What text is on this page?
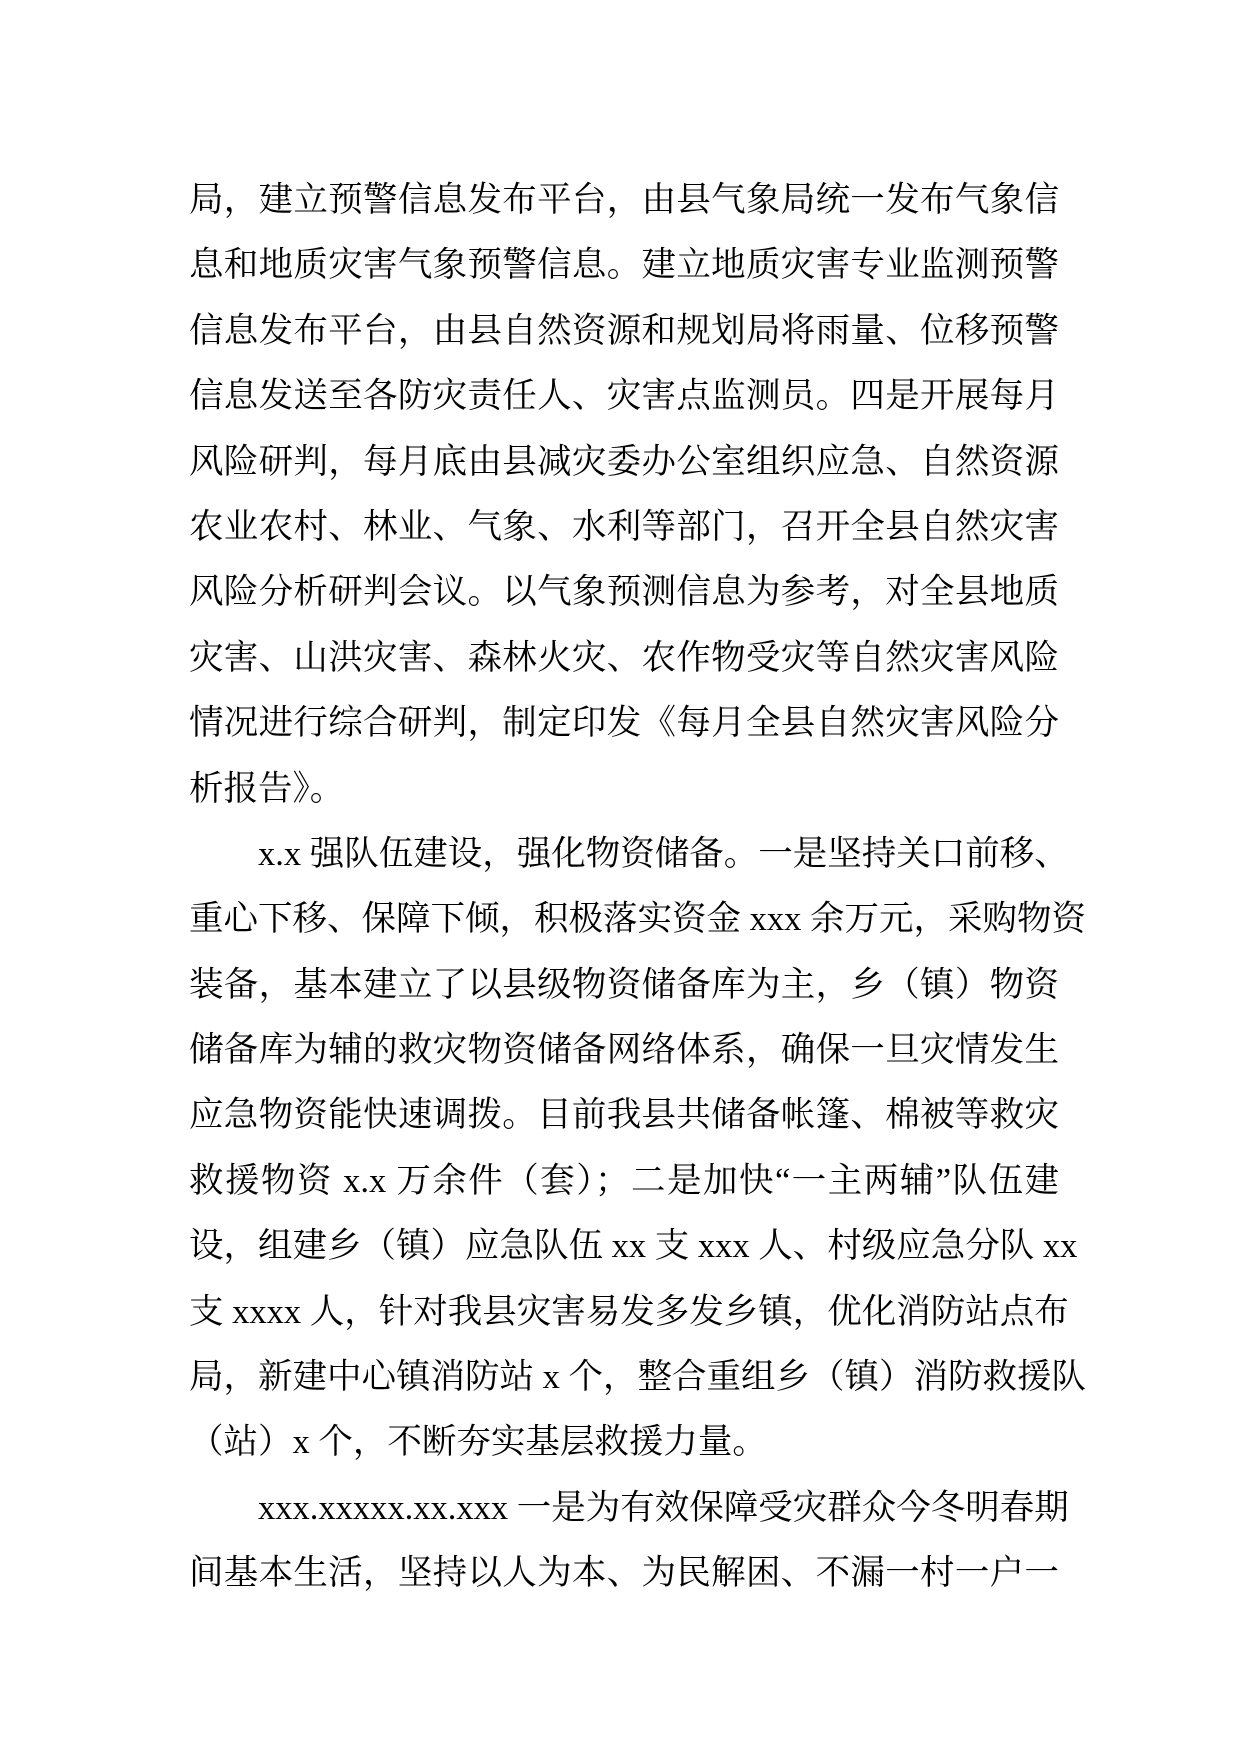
局，建立预警信息发布平台，由县气象局统一发布气象信
息和地质灾害气象预警信息。建立地质灾害专业监测预警
信息发布平台，由县自然资源和规划局将雨量、位移预警
信息发送至各防灾责任人、灾害点监测员。四是开展每月
风险研判，每月底由县减灾委办公室组织应急、自然资源
农业农村、林业、气象、水利等部门，召开全县自然灾害
风险分析研判会议。以气象预测信息为参考，对全县地质
灾害、山洪灾害、森林火灾、农作物受灾等自然灾害风险
情况进行综合研判，制定印发《每月全县自然灾害风险分
析报告》。
x.x 强队伍建设，强化物资储备。一是坚持关口前移、
重心下移、保障下倾，积极落实资金 xxx 余万元，采购物资
装备，基本建立了以县级物资储备库为主，乡（镇）物资
储备库为辅的救灾物资储备网络体系，确保一旦灾情发生
应急物资能快速调拨。目前我县共储备帐篷、棉被等救灾
救援物资 x.x 万余件（套）；二是加快“一主两辅”队伍建
设，组建乡（镇）应急队伍 xx 支 xxx 人、村级应急分队 xx
支 xxxx 人，针对我县灾害易发多发乡镇，优化消防站点布
局，新建中心镇消防站 x 个，整合重组乡（镇）消防救援队
（站）x 个，不断夯实基层救援力量。
xxx.xxxxx.xx.xxx 一是为有效保障受灾群众今冬明春期
间基本生活，坚持以人为本、为民解困、不漏一村一户一
